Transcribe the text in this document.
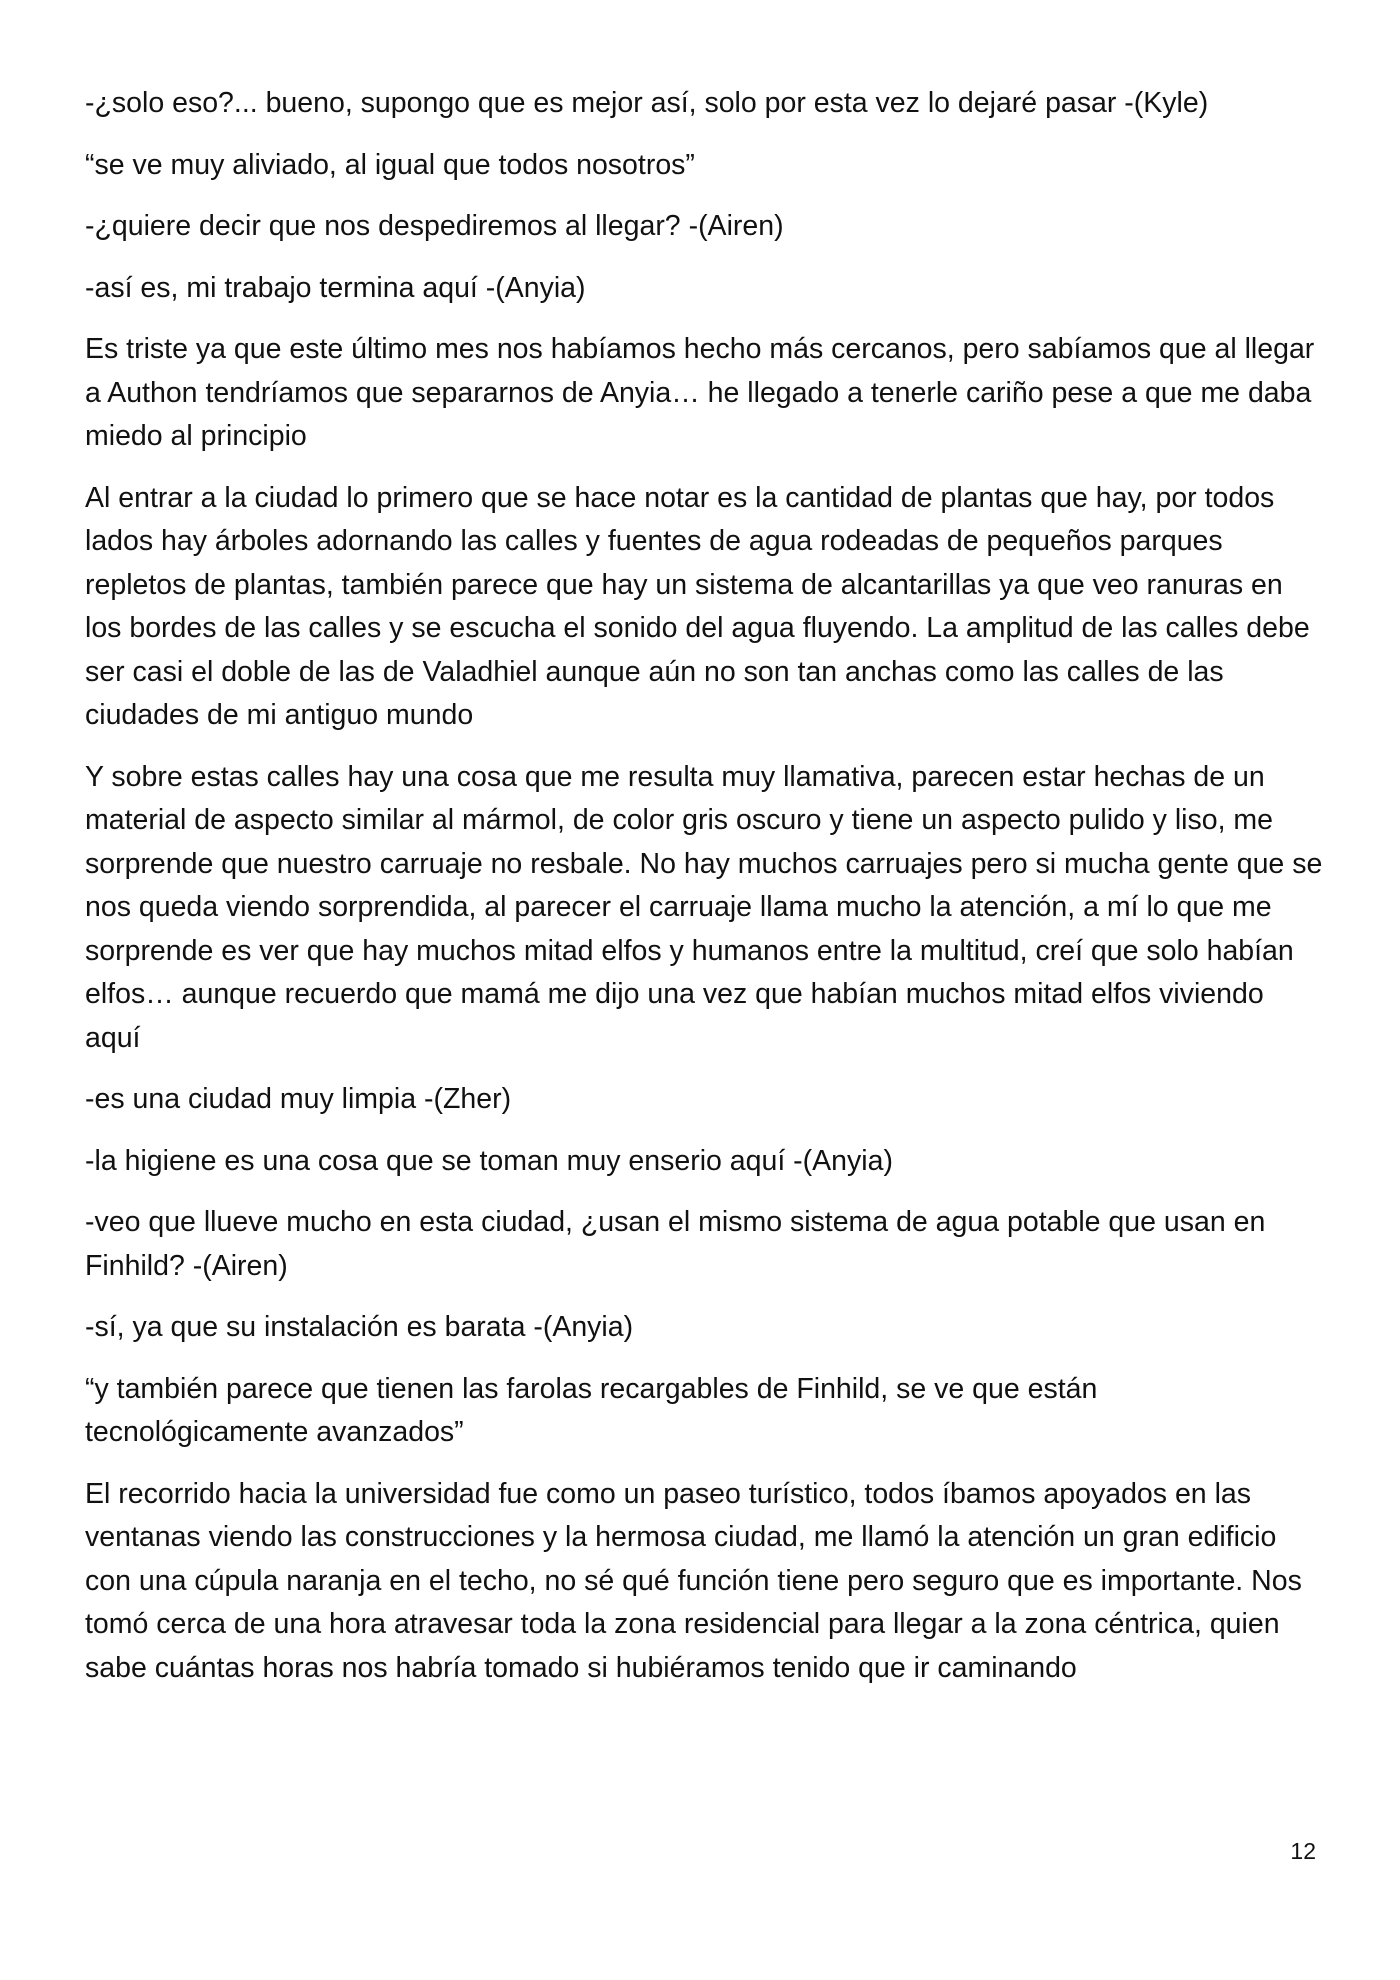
-¿solo eso?... bueno, supongo que es mejor así, solo por esta vez lo dejaré pasar -(Kyle)

“se ve muy aliviado, al igual que todos nosotros”

-¿quiere decir que nos despediremos al llegar? -(Airen)

-así es, mi trabajo termina aquí -(Anyia)

Es triste ya que este último mes nos habíamos hecho más cercanos, pero sabíamos que al llegar a Authon tendríamos que separarnos de Anyia… he llegado a tenerle cariño pese a que me daba miedo al principio

Al entrar a la ciudad lo primero que se hace notar es la cantidad de plantas que hay, por todos lados hay árboles adornando las calles y fuentes de agua rodeadas de pequeños parques repletos de plantas, también parece que hay un sistema de alcantarillas ya que veo ranuras en los bordes de las calles y se escucha el sonido del agua fluyendo. La amplitud de las calles debe ser casi el doble de las de Valadhiel aunque aún no son tan anchas como las calles de las ciudades de mi antiguo mundo

Y sobre estas calles hay una cosa que me resulta muy llamativa, parecen estar hechas de un material de aspecto similar al mármol, de color gris oscuro y tiene un aspecto pulido y liso, me sorprende que nuestro carruaje no resbale. No hay muchos carruajes pero si mucha gente que se nos queda viendo sorprendida, al parecer el carruaje llama mucho la atención, a mí lo que me sorprende es ver que hay muchos mitad elfos y humanos entre la multitud, creí que solo habían elfos… aunque recuerdo que mamá me dijo una vez que habían muchos mitad elfos viviendo aquí

-es una ciudad muy limpia -(Zher)

-la higiene es una cosa que se toman muy enserio aquí -(Anyia)

-veo que llueve mucho en esta ciudad, ¿usan el mismo sistema de agua potable que usan en Finhild? -(Airen)

-sí, ya que su instalación es barata -(Anyia)

“y también parece que tienen las farolas recargables de Finhild, se ve que están tecnológicamente avanzados”

El recorrido hacia la universidad fue como un paseo turístico, todos íbamos apoyados en las ventanas viendo las construcciones y la hermosa ciudad, me llamó la atención un gran edificio con una cúpula naranja en el techo, no sé qué función tiene pero seguro que es importante. Nos tomó cerca de una hora atravesar toda la zona residencial para llegar a la zona céntrica, quien sabe cuántas horas nos habría tomado si hubiéramos tenido que ir caminando

12
